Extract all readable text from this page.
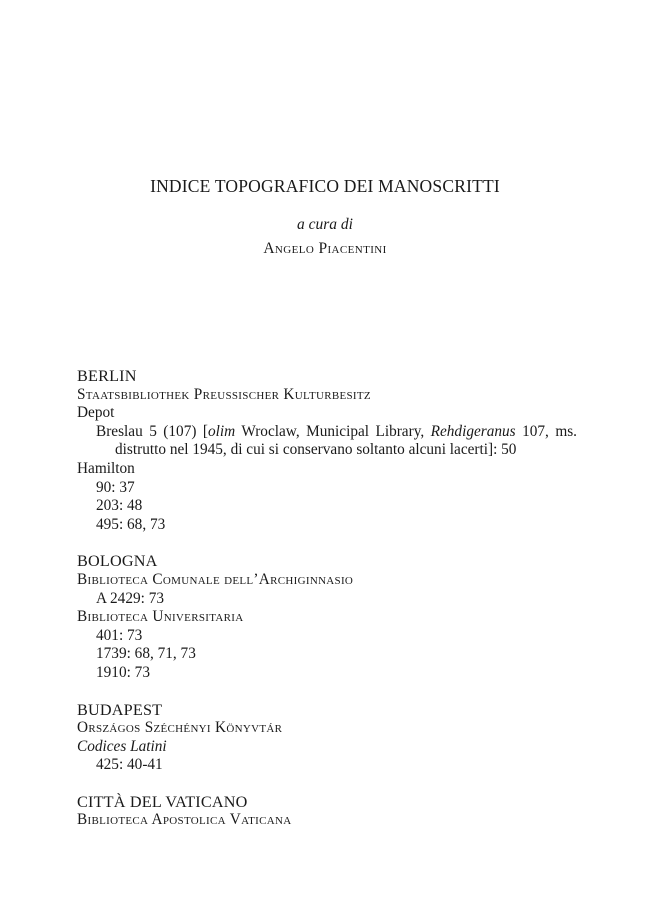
INDICE TOPOGRAFICO DEI MANOSCRITTI
a cura di
Angelo Piacentini
BERLIN
Staatsbibliothek Preussischer Kulturbesitz
Depot
Breslau 5 (107) [olim Wroclaw, Municipal Library, Rehdigeranus 107, ms. distrutto nel 1945, di cui si conservano soltanto alcuni lacerti]: 50
Hamilton
90: 37
203: 48
495: 68, 73
BOLOGNA
Biblioteca Comunale dell’Archiginnasio
A 2429: 73
Biblioteca Universitaria
401: 73
1739: 68, 71, 73
1910: 73
BUDAPEST
Országos Széchényi Könyvtár
Codices Latini
425: 40-41
CITTÀ DEL VATICANO
Biblioteca Apostolica Vaticana
